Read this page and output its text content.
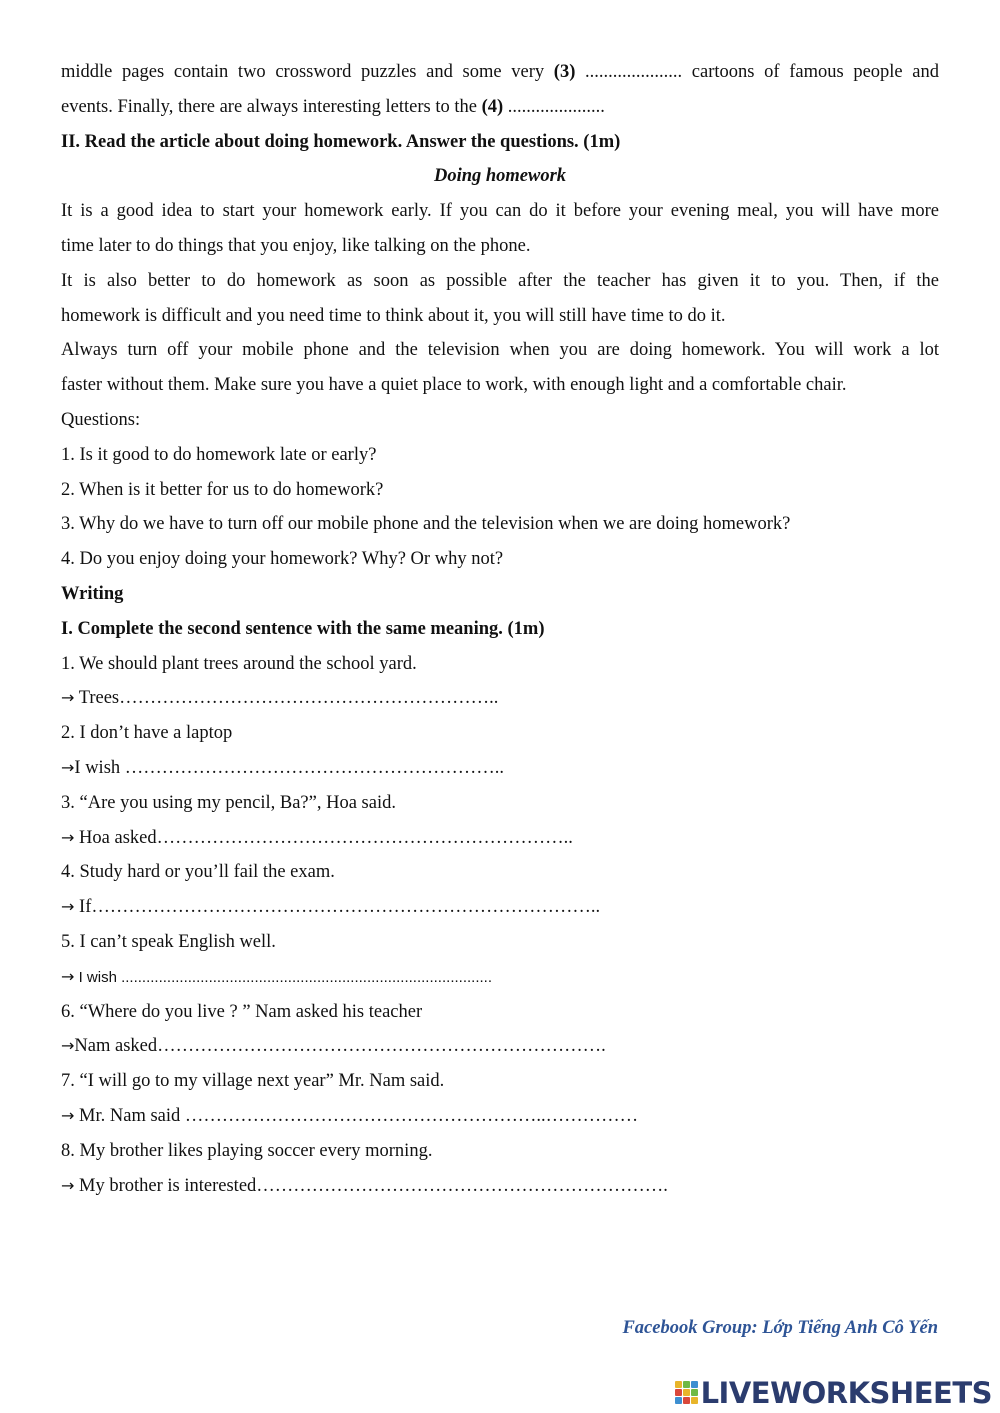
middle pages contain two crossword puzzles and some very (3) ..................... cartoons of famous people and
events. Finally, there are always interesting letters to the (4) .....................
II. Read the article about doing homework. Answer the questions. (1m)
Doing homework
It is a good idea to start your homework early. If you can do it before your evening meal, you will have more
time later to do things that you enjoy, like talking on the phone.
It is also better to do homework as soon as possible after the teacher has given it to you. Then, if the
homework is difficult and you need time to think about it, you will still have time to do it.
Always turn off your mobile phone and the television when you are doing homework. You will work a lot
faster without them. Make sure you have a quiet place to work, with enough light and a comfortable chair.
Questions:
1. Is it good to do homework late or early?
2. When is it better for us to do homework?
3. Why do we have to turn off our mobile phone and the television when we are doing homework?
4. Do you enjoy doing your homework? Why? Or why not?
Writing
I. Complete the second sentence with the same meaning. (1m)
1. We should plant trees around the school yard.
→ Trees……………………………………………………..
2. I don’t have a laptop
→I wish ……………………………………………………..
3. “Are you using my pencil, Ba?”, Hoa said.
→ Hoa asked…………………………………………………………..
4. Study hard or you’ll fail the exam.
→ If………………………………………………………………………..
5. I can’t speak English well.
→ I wish .........................................................................................
6. “Where do you live ? ” Nam asked his teacher
→Nam asked……………………………………………………………….
7. “I will go to my village next year” Mr. Nam said.
→ Mr. Nam said …………………………………………………..……………
8. My brother likes playing soccer every morning.
→ My brother is interested………………………………………………………….
Facebook Group: Lớp Tiếng Anh Cô Yến
LIVEWORKSHEETS
